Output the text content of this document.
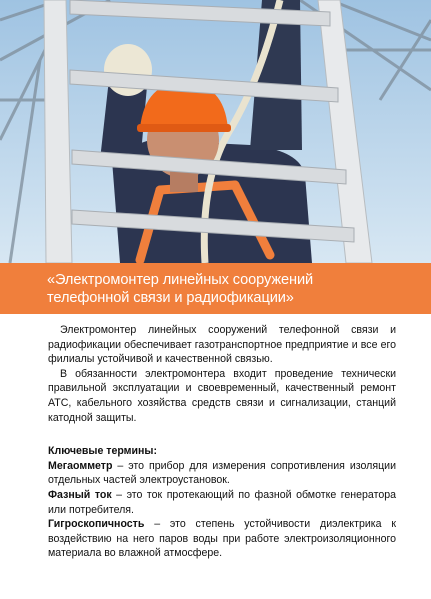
«Электромонтер линейных сооружений
телефонной связи и радиофикации»

Электромонтер линейных сооружений телефонной связи и радиофикации обеспечивает газотранспортное предприятие и все его филиалы устойчивой и качественной связью.

В обязанности электромонтера входит проведение технически правильной эксплуатации и своевременный, качественный ремонт АТС, кабельного хозяйства средств связи и сигнализации, станций катодной защиты.

Ключевые термины:
Мегаомметр – это прибор для измерения сопротивления изоляции отдельных частей электроустановок.
Фазный ток – это ток протекающий по фазной обмотке генератора или потребителя.
Гигроскопичность – это степень устойчивости диэлектрика к воздействию на него паров воды при работе электроизоляционного материала во влажной атмосфере.
